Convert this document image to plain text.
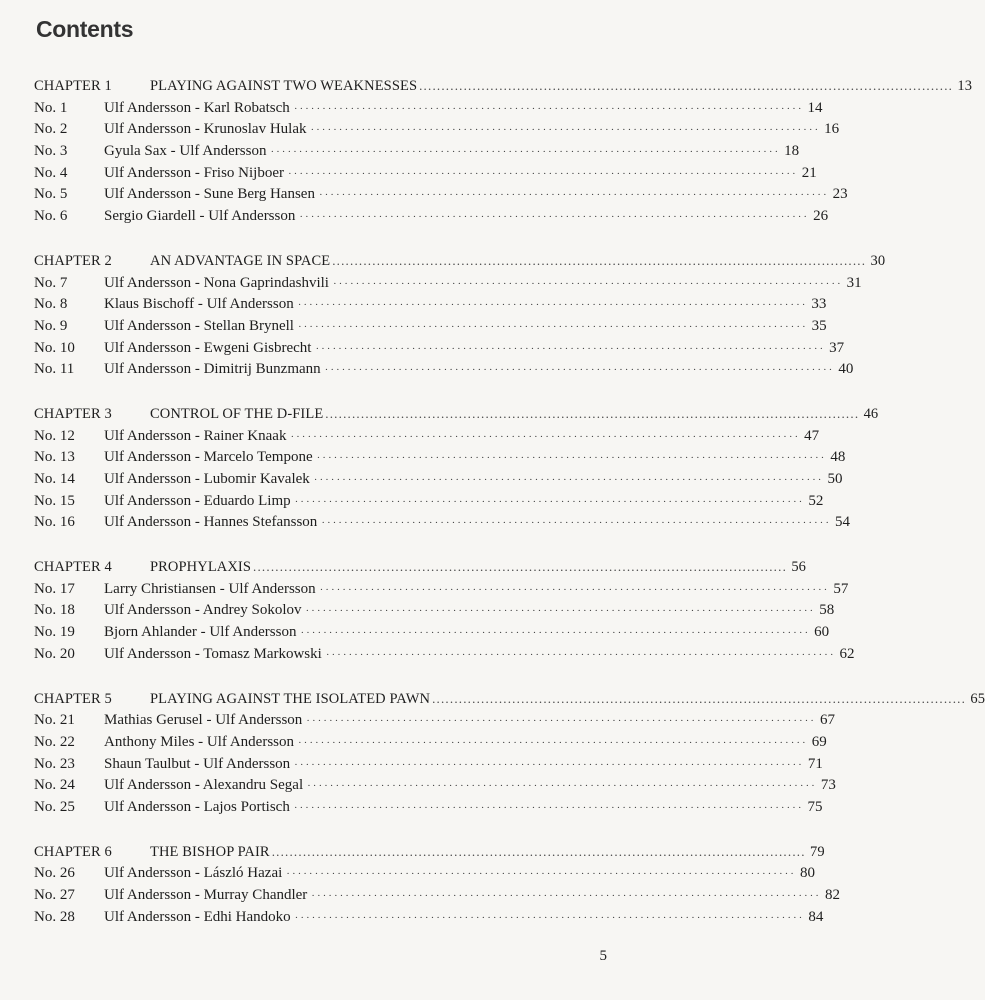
Contents
CHAPTER 1	PLAYING AGAINST TWO WEAKNESSES ........................................................................................................................ 13
No. 1	Ulf Andersson - Karl Robatsch ·························································································· 14
No. 2	Ulf Andersson - Krunoslav Hulak ·························································································· 16
No. 3	Gyula Sax - Ulf Andersson ·························································································· 18
No. 4	Ulf Andersson - Friso Nijboer ·························································································· 21
No. 5	Ulf Andersson - Sune Berg Hansen ·························································································· 23
No. 6	Sergio Giardell - Ulf Andersson ·························································································· 26
CHAPTER 2	AN ADVANTAGE IN SPACE ........................................................................................................................ 30
No. 7	Ulf Andersson - Nona Gaprindashvili ·························································································· 31
No. 8	Klaus Bischoff - Ulf Andersson ·························································································· 33
No. 9	Ulf Andersson - Stellan Brynell ·························································································· 35
No. 10	Ulf Andersson - Ewgeni Gisbrecht ·························································································· 37
No. 11	Ulf Andersson - Dimitrij Bunzmann ·························································································· 40
CHAPTER 3	CONTROL OF THE D-FILE ........................................................................................................................ 46
No. 12	Ulf Andersson - Rainer Knaak ·························································································· 47
No. 13	Ulf Andersson - Marcelo Tempone ·························································································· 48
No. 14	Ulf Andersson - Lubomir Kavalek ·························································································· 50
No. 15	Ulf Andersson - Eduardo Limp ·························································································· 52
No. 16	Ulf Andersson - Hannes Stefansson ·························································································· 54
CHAPTER 4	PROPHYLAXIS ........................................................................................................................ 56
No. 17	Larry Christiansen - Ulf Andersson ·························································································· 57
No. 18	Ulf Andersson - Andrey Sokolov ·························································································· 58
No. 19	Bjorn Ahlander - Ulf Andersson ·························································································· 60
No. 20	Ulf Andersson - Tomasz Markowski ·························································································· 62
CHAPTER 5	PLAYING AGAINST THE ISOLATED PAWN ........................................................................................................................ 65
No. 21	Mathias Gerusel - Ulf Andersson ·························································································· 67
No. 22	Anthony Miles - Ulf Andersson ·························································································· 69
No. 23	Shaun Taulbut - Ulf Andersson ·························································································· 71
No. 24	Ulf Andersson - Alexandru Segal ·························································································· 73
No. 25	Ulf Andersson - Lajos Portisch ·························································································· 75
CHAPTER 6	THE BISHOP PAIR ........................................................................................................................ 79
No. 26	Ulf Andersson - László Hazai ·························································································· 80
No. 27	Ulf Andersson - Murray Chandler ·························································································· 82
No. 28	Ulf Andersson - Edhi Handoko ·························································································· 84
5
